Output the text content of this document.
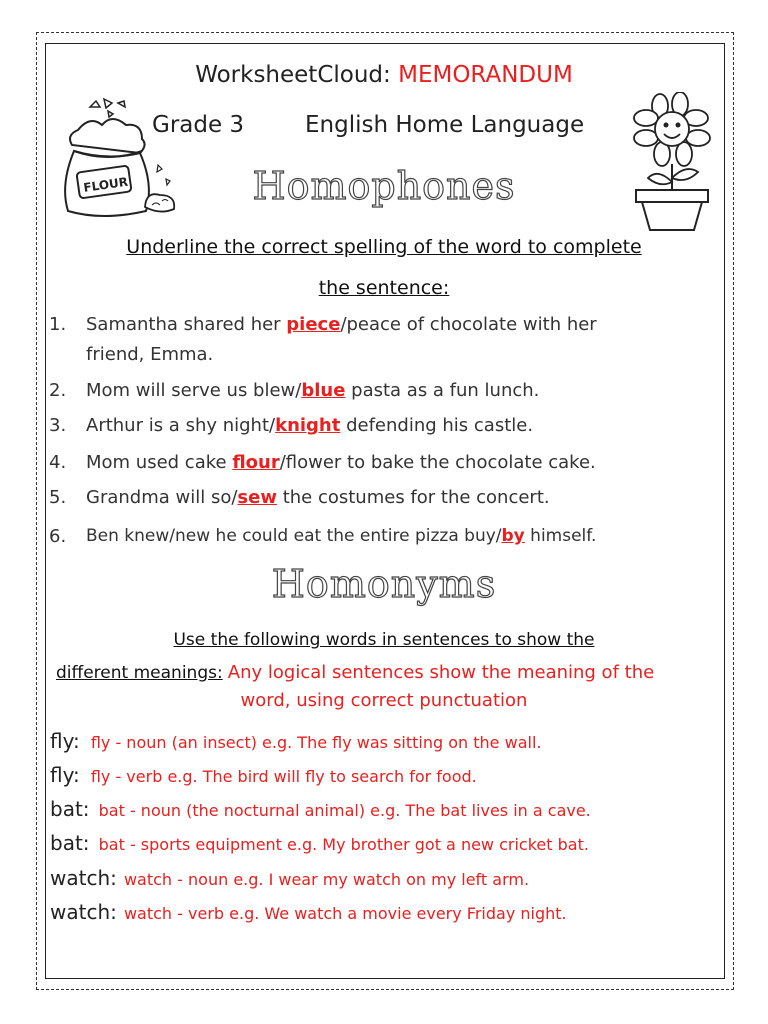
FLOUR
WorksheetCloud: MEMORANDUM
Grade 3	English Home Language
Homophones
Underline the correct spelling of the word to complete
the sentence:
1. Samantha shared her piece/peace of chocolate with her
friend, Emma.
2. Mom will serve us blew/blue pasta as a fun lunch.
3. Arthur is a shy night/knight defending his castle.
4. Mom used cake flour/flower to bake the chocolate cake.
5. Grandma will so/sew the costumes for the concert.
6. Ben knew/new he could eat the entire pizza buy/by himself.
Homonyms
Use the following words in sentences to show the
different meanings: Any logical sentences show the meaning of the
word, using correct punctuation
fly: fly - noun (an insect) e.g. The fly was sitting on the wall.
fly: fly - verb e.g. The bird will fly to search for food.
bat: bat - noun (the nocturnal animal) e.g. The bat lives in a cave.
bat: bat - sports equipment e.g. My brother got a new cricket bat.
watch: watch - noun e.g. I wear my watch on my left arm.
watch: watch - verb e.g. We watch a movie every Friday night.
